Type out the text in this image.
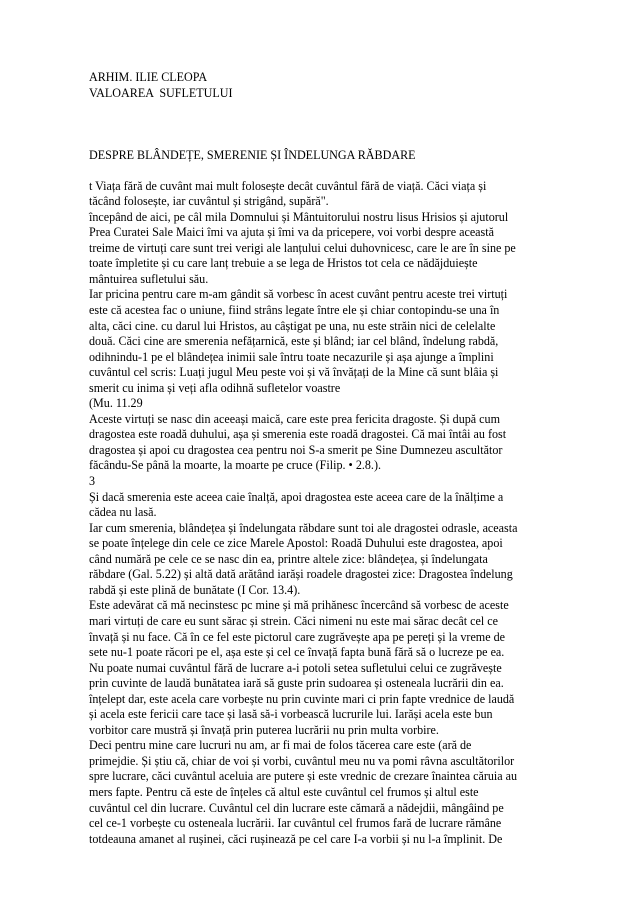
ARHIM. ILIE CLEOPA

VALOAREA  SUFLETULUI

DESPRE BLÂNDEȚE, SMERENIE ȘI ÎNDELUNGA RĂBDARE

t Viața fără de cuvânt mai mult folosește decât cuvântul fără de viață. Căci viața și

tăcând folosește, iar cuvântul și strigând, supără".

începând de aici, pe câl mila Domnului și Mântuitorului nostru lisus Hrisios și ajutorul

Prea Curatei Sale Maici îmi va ajuta și îmi va da pricepere, voi vorbi despre această

treime de virtuți care sunt trei verigi ale lanțului celui duhovnicesc, care le are în sine pe

toate împletite și cu care lanț trebuie a se lega de Hristos tot cela ce nădăjduiește

mântuirea sufletului său.

Iar pricina pentru care m-am gândit să vorbesc în acest cuvânt pentru aceste trei virtuți

este că acestea fac o uniune, fiind strâns legate între ele și chiar contopindu-se una în

alta, căci cine. cu darul lui Hristos, au câștigat pe una, nu este străin nici de celelalte

două. Căci cine are smerenia nefățarnică, este și blând; iar cel blând, îndelung rabdă,

odihnindu-1 pe el blândețea inimii sale întru toate necazurile și așa ajunge a împlini

cuvântul cel scris: Luați jugul Meu peste voi și vă învățați de la Mine că sunt blâia și

smerit cu inima și veți afla odihnă sufletelor voastre

(Mu. 11.29

Aceste virtuți se nasc din aceeași maică, care este prea fericita dragoste. Și după cum

dragostea este roadă duhului, așa și smerenia este roadă dragostei. Că mai întâi au fost

dragostea și apoi cu dragostea cea pentru noi S-a smerit pe Sine Dumnezeu ascultător

făcându-Se până la moarte, la moarte pe cruce (Filip. • 2.8.).

3

Și dacă smerenia este aceea caie înalță, apoi dragostea este aceea care de la înălțime a

cădea nu lasă.

Iar cum smerenia, blândețea și îndelungata răbdare sunt toi ale dragostei odrasle, aceasta

se poate înțelege din cele ce zice Marele Apostol: Roadă Duhului este dragostea, apoi

când numără pe cele ce se nasc din ea, printre altele zice: blândețea, și îndelungata

răbdare (Gal. 5.22) și altă dată arătând iarăși roadele dragostei zice: Dragostea îndelung

rabdă și este plină de bunătate (I Cor. 13.4).

Este adevărat că mă necinstesc pc mine și mă prihănesc încercând să vorbesc de aceste

mari virtuți de care eu sunt sărac și strein. Căci nimeni nu este mai sărac decât cel ce

învață și nu face. Că în ce fel este pictorul care zugrăvește apa pe pereți și la vreme de

sete nu-1 poate răcori pe el, așa este și cel ce învață fapta bună fără să o lucreze pe ea.

Nu poate numai cuvântul fără de lucrare a-i potoli setea sufletului celui ce zugrăvește

prin cuvinte de laudă bunătatea iară să guste prin sudoarea și osteneala lucrării din ea.

înțelept dar, este acela care vorbește nu prin cuvinte mari ci prin fapte vrednice de laudă

și acela este fericii care tace și lasă să-i vorbească lucrurile lui. Iarăși acela este bun

vorbitor care mustră și învață prin puterea lucrării nu prin multa vorbire.

Deci pentru mine care lucruri nu am, ar fi mai de folos tăcerea care este (ară de

primejdie. Și știu că, chiar de voi și vorbi, cuvântul meu nu va pomi râvna ascultătorilor

spre lucrare, căci cuvântul aceluia are putere și este vrednic de crezare înaintea căruia au

mers fapte. Pentru că este de înțeles că altul este cuvântul cel frumos și altul este

cuvântul cel din lucrare. Cuvântul cel din lucrare este cămară a nădejdii, mângâind pe

cel ce-1 vorbește cu osteneala lucrării. Iar cuvântul cel frumos fară de lucrare rămâne

totdeauna amanet al rușinei, căci rușinează pe cel care I-a vorbii și nu l-a împlinit. De
